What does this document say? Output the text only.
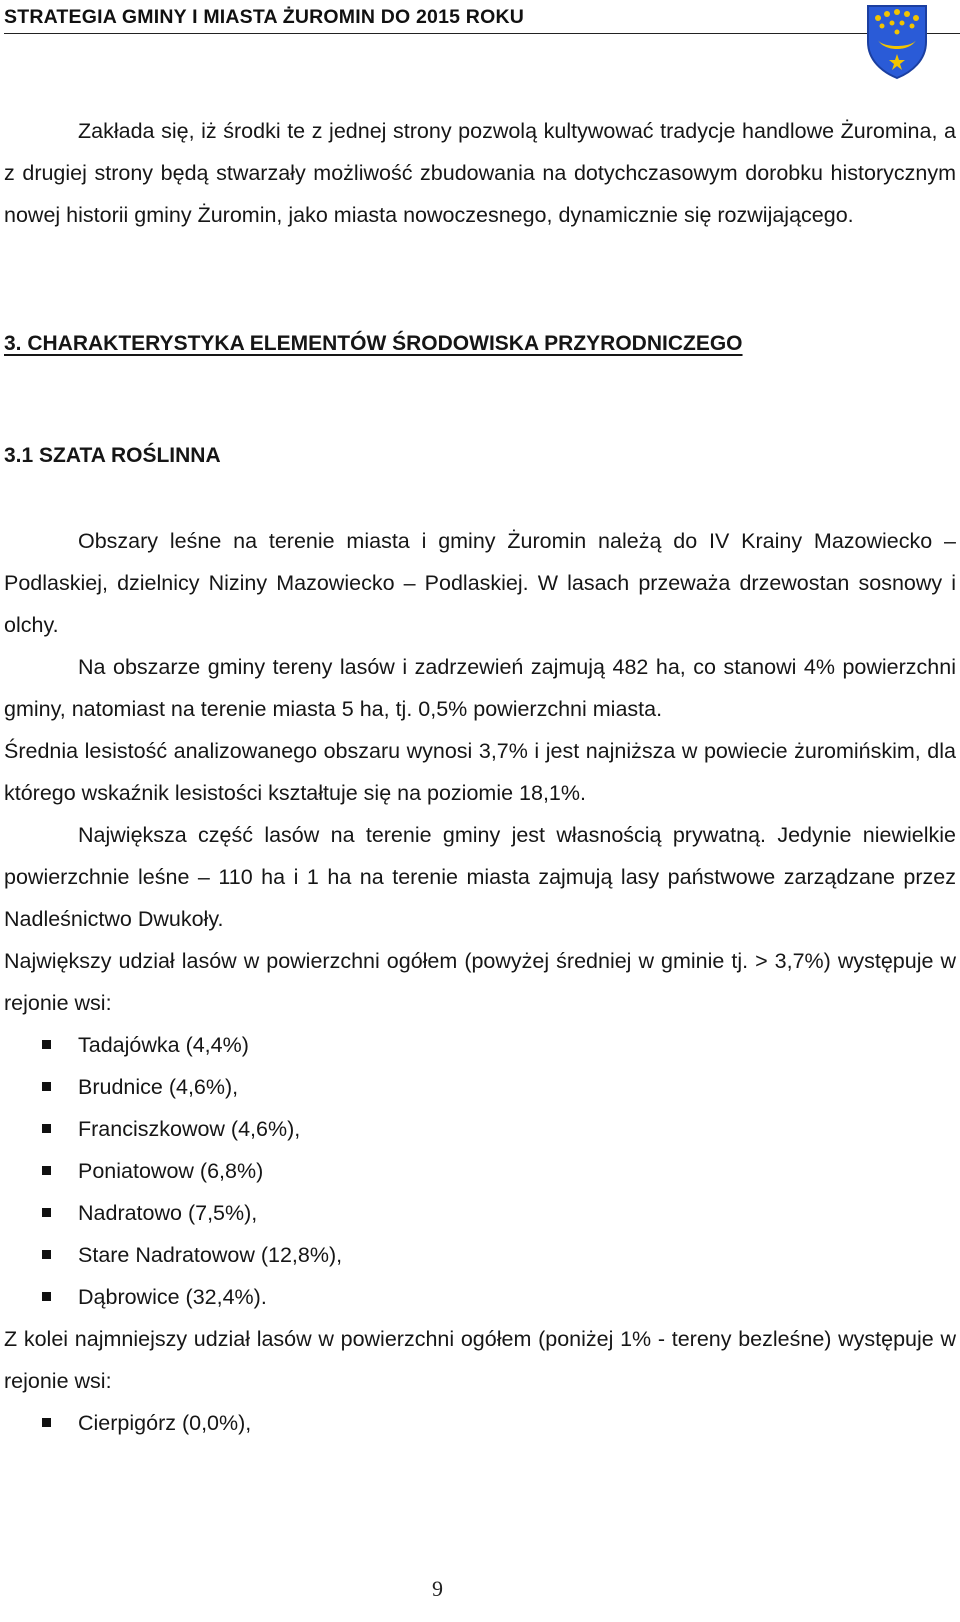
STRATEGIA GMINY I MIASTA ŻUROMIN DO 2015 ROKU

Zakłada się, iż środki te z jednej strony pozwolą kultywować tradycje handlowe Żuromina, a z drugiej strony będą stwarzały możliwość zbudowania na dotychczasowym dorobku historycznym nowej historii gminy Żuromin, jako miasta nowoczesnego, dynamicznie się rozwijającego.

3. CHARAKTERYSTYKA ELEMENTÓW ŚRODOWISKA PRZYRODNICZEGO
3.1 SZATA ROŚLINNA

Obszary leśne na terenie miasta i gminy Żuromin należą do IV Krainy Mazowiecko – Podlaskiej, dzielnicy Niziny Mazowiecko – Podlaskiej. W lasach przeważa drzewostan sosnowy i olchy.

Na obszarze gminy tereny lasów i zadrzewień zajmują 482 ha, co stanowi 4% powierzchni gminy, natomiast na terenie miasta 5 ha, tj. 0,5% powierzchni miasta.

Średnia lesistość analizowanego obszaru wynosi 3,7% i jest najniższa w powiecie żuromińskim, dla którego wskaźnik lesistości kształtuje się na poziomie 18,1%.

Największa część lasów na terenie gminy jest własnością prywatną. Jedynie niewielkie powierzchnie leśne – 110 ha i 1 ha na terenie miasta zajmują lasy państwowe zarządzane przez Nadleśnictwo Dwukoły.

Największy udział lasów w powierzchni ogółem (powyżej średniej w gminie tj. > 3,7%) występuje w rejonie wsi:

Tadajówka (4,4%)
Brudnice (4,6%),
Franciszkowow (4,6%),
Poniatowow (6,8%)
Nadratowo (7,5%),
Stare Nadratowow (12,8%),
Dąbrowice (32,4%).

Z kolei najmniejszy udział lasów w powierzchni ogółem (poniżej 1% - tereny bezleśne) występuje w rejonie wsi:

Cierpigórz (0,0%),
9
